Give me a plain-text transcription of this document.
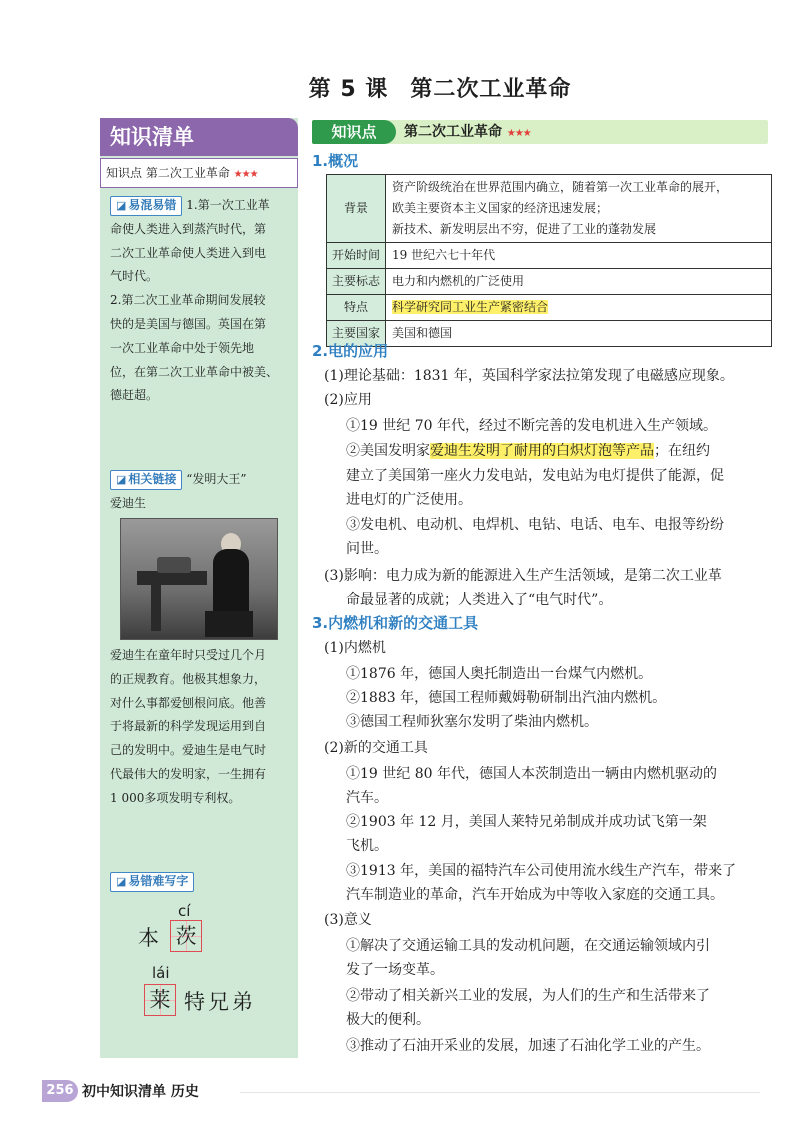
第 5 课 第二次工业革命
知识清单
知识点 第二次工业革命 ★★★

◪ 易混易错 1.第一次工业革

命使人类进入到蒸汽时代，第

二次工业革命使人类进入到电

气时代。

2.第二次工业革命期间发展较

快的是美国与德国。英国在第

一次工业革命中处于领先地

位，在第二次工业革命中被美、

德赶超。

◪ 相关链接 “发明大王”

爱迪生

爱迪生在童年时只受过几个月

的正规教育。他极其想象力，

对什么事都爱刨根问底。他善

于将最新的科学发现运用到自

己的发明中。爱迪生是电气时

代最伟大的发明家，一生拥有

1 000多项发明专利权。

◪ 易错难写字
cí
本 茨
lái
莱 特兄弟
知识点	第二次工业革命 ★★★
1.概况
背景	资产阶级统治在世界范围内确立，随着第一次工业革命的展开，
欧美主要资本主义国家的经济迅速发展；
新技术、新发明层出不穷，促进了工业的蓬勃发展

开始时间	19 世纪六七十年代
主要标志	电力和内燃机的广泛使用
特点	科学研究同工业生产紧密结合
主要国家	美国和德国
2.电的应用
(1)理论基础：1831 年，英国科学家法拉第发现了电磁感应现象。
(2)应用
①19 世纪 70 年代，经过不断完善的发电机进入生产领域。
②美国发明家爱迪生发明了耐用的白炽灯泡等产品；在纽约
建立了美国第一座火力发电站，发电站为电灯提供了能源，促
进电灯的广泛使用。
③发电机、电动机、电焊机、电钻、电话、电车、电报等纷纷
问世。
(3)影响：电力成为新的能源进入生产生活领域，是第二次工业革
命最显著的成就；人类进入了“电气时代”。
3.内燃机和新的交通工具
(1)内燃机
①1876 年，德国人奥托制造出一台煤气内燃机。
②1883 年，德国工程师戴姆勒研制出汽油内燃机。
③德国工程师狄塞尔发明了柴油内燃机。
(2)新的交通工具
①19 世纪 80 年代，德国人本茨制造出一辆由内燃机驱动的
汽车。
②1903 年 12 月，美国人莱特兄弟制成并成功试飞第一架
飞机。
③1913 年，美国的福特汽车公司使用流水线生产汽车，带来了
汽车制造业的革命，汽车开始成为中等收入家庭的交通工具。
(3)意义
①解决了交通运输工具的发动机问题，在交通运输领域内引
发了一场变革。
②带动了相关新兴工业的发展，为人们的生产和生活带来了
极大的便利。
③推动了石油开采业的发展，加速了石油化学工业的产生。
256 初中知识清单 历史
